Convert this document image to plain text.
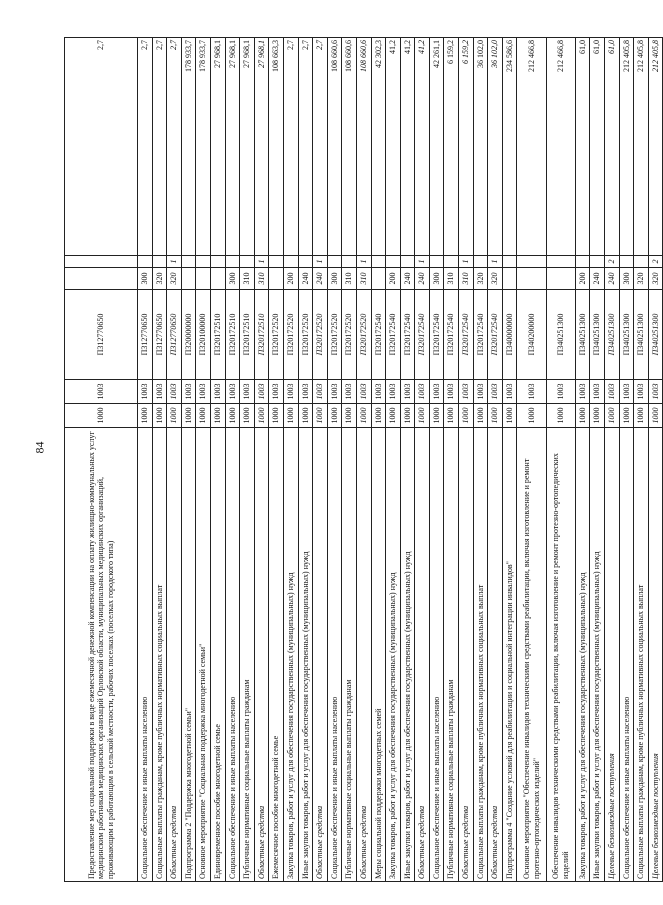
84	Предоставление мер социальной поддержки в виде ежемесячной денежной компенсации на оплату жилищно-коммунальных услуг медицинским работникам медицинских организаций Орловской области, муниципальных медицинских организаций, проживающим и работающим в сельской местности, рабочих поселках (поселках городского типа)	1000	1003	П312770650			2,7
Социальное обеспечение и иные выплаты населению	1000	1003	П312770650	300		2,7
Социальные выплаты гражданам, кроме публичных нормативных социальных выплат	1000	1003	П312770650	320		2,7
Областные средства	1000	1003	П312770650	320	1	2,7
Подпрограмма 2 "Поддержка многодетной семьи"	1000	1003	П320000000			178 933,7
Основное мероприятие "Социальная поддержка многодетной семьи"	1000	1003	П320100000			178 933,7
Единовременное пособие многодетной семье	1000	1003	П320172510			27 968,1
Социальное обеспечение и иные выплаты населению	1000	1003	П320172510	300		27 968,1
Публичные нормативные социальные выплаты гражданам	1000	1003	П320172510	310		27 968,1
Областные средства	1000	1003	П320172510	310	1	27 968,1
Ежемесячное пособие многодетной семье	1000	1003	П320172520			108 663,3
Закупка товаров, работ и услуг для обеспечения государственных (муниципальных) нужд	1000	1003	П320172520	200		2,7
Иные закупки товаров, работ и услуг для обеспечения государственных (муниципальных) нужд	1000	1003	П320172520	240		2,7
Областные средства	1000	1003	П320172520	240	1	2,7
Социальное обеспечение и иные выплаты населению	1000	1003	П320172520	300		108 660,6
Публичные нормативные социальные выплаты гражданам	1000	1003	П320172520	310		108 660,6
Областные средства	1000	1003	П320172520	310	1	108 660,6
Меры социальной поддержки многодетных семей	1000	1003	П320172540			42 302,3
Закупка товаров, работ и услуг для обеспечения государственных (муниципальных) нужд	1000	1003	П320172540	200		41,2
Иные закупки товаров, работ и услуг для обеспечения государственных (муниципальных) нужд	1000	1003	П320172540	240		41,2
Областные средства	1000	1003	П320172540	240	1	41,2
Социальное обеспечение и иные выплаты населению	1000	1003	П320172540	300		42 261,1
Публичные нормативные социальные выплаты гражданам	1000	1003	П320172540	310		6 159,2
Областные средства	1000	1003	П320172540	310	1	6 159,2
Социальные выплаты гражданам, кроме публичных нормативных социальных выплат	1000	1003	П320172540	320		36 102,0
Областные средства	1000	1003	П320172540	320	1	36 102,0
Подпрограмма 4 "Создание условий для реабилитации и социальной интеграции инвалидов"	1000	1003	П340000000			234 586,6
Основное мероприятие "Обеспечение инвалидов техническими средствами реабилитации, включая изготовление и ремонт протезно-ортопедических изделий"	1000	1003	П340200000			212 466,8
Обеспечение инвалидов техническими средствами реабилитации, включая изготовление и ремонт протезно-ортопедических изделий	1000	1003	П340251300			212 466,8
Закупка товаров, работ и услуг для обеспечения государственных (муниципальных) нужд	1000	1003	П340251300	200		61,0
Иные закупки товаров, работ и услуг для обеспечения государственных (муниципальных) нужд	1000	1003	П340251300	240		61,0
Целевые безвозмездные поступления	1000	1003	П340251300	240	2	61,0
Социальное обеспечение и иные выплаты населению	1000	1003	П340251300	300		212 405,8
Социальные выплаты гражданам, кроме публичных нормативных социальных выплат	1000	1003	П340251300	320		212 405,8
Целевые безвозмездные поступления	1000	1003	П340251300	320	2	212 405,8
